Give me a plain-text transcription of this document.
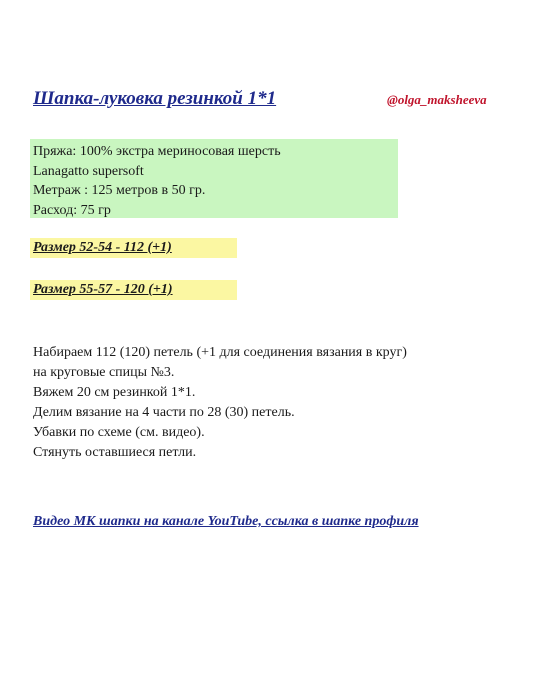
Шапка-луковка резинкой 1*1	@olga_maksheeva
Пряжа: 100% экстра мериносовая шерсть
Lanagatto supersoft
Метраж : 125 метров в 50 гр.
Расход: 75 гр
Размер 52-54 - 112 (+1)
Размер 55-57 - 120 (+1)
Набираем 112 (120) петель (+1 для соединения вязания в круг)
на круговые спицы №3.
Вяжем 20 см резинкой 1*1.
Делим вязание на 4 части по 28 (30) петель.
Убавки по схеме (см. видео).
Стянуть оставшиеся петли.
Видео МК шапки на канале YouTube, ссылка в шапке профиля
